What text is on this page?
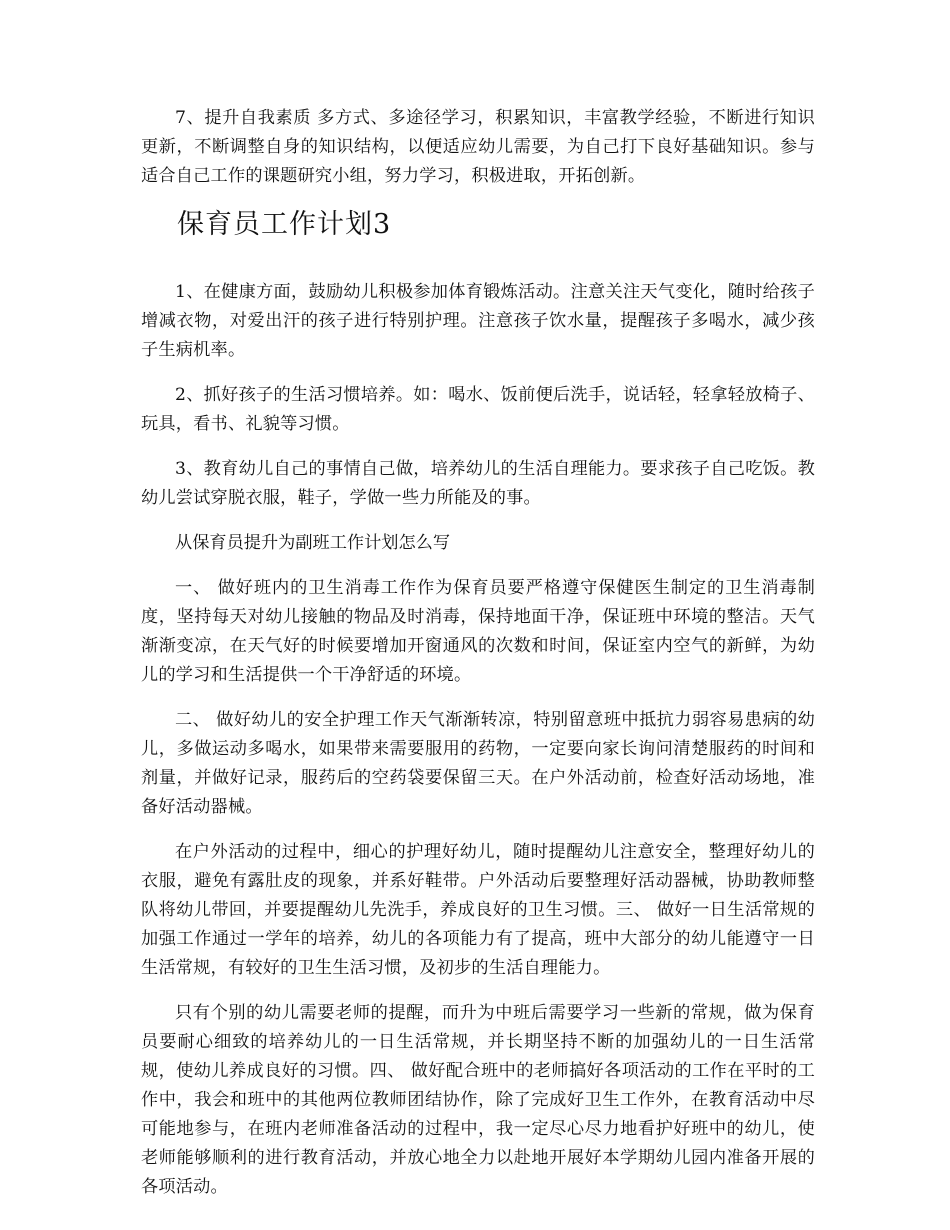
7、提升自我素质 多方式、多途径学习，积累知识，丰富教学经验，不断进行知识更新，不断调整自身的知识结构，以便适应幼儿需要，为自己打下良好基础知识。参与适合自己工作的课题研究小组，努力学习，积极进取，开拓创新。

保育员工作计划3

1、在健康方面，鼓励幼儿积极参加体育锻炼活动。注意关注天气变化，随时给孩子增减衣物，对爱出汗的孩子进行特别护理。注意孩子饮水量，提醒孩子多喝水，减少孩子生病机率。

2、抓好孩子的生活习惯培养。如：喝水、饭前便后洗手，说话轻，轻拿轻放椅子、玩具，看书、礼貌等习惯。

3、教育幼儿自己的事情自己做，培养幼儿的生活自理能力。要求孩子自己吃饭。教幼儿尝试穿脱衣服，鞋子，学做一些力所能及的事。

从保育员提升为副班工作计划怎么写

一、 做好班内的卫生消毒工作作为保育员要严格遵守保健医生制定的卫生消毒制度，坚持每天对幼儿接触的物品及时消毒，保持地面干净，保证班中环境的整洁。天气渐渐变凉，在天气好的时候要增加开窗通风的次数和时间，保证室内空气的新鲜，为幼儿的学习和生活提供一个干净舒适的环境。

二、 做好幼儿的安全护理工作天气渐渐转凉，特别留意班中抵抗力弱容易患病的幼儿，多做运动多喝水，如果带来需要服用的药物，一定要向家长询问清楚服药的时间和剂量，并做好记录，服药后的空药袋要保留三天。在户外活动前，检查好活动场地，准备好活动器械。

在户外活动的过程中，细心的护理好幼儿，随时提醒幼儿注意安全，整理好幼儿的衣服，避免有露肚皮的现象，并系好鞋带。户外活动后要整理好活动器械，协助教师整队将幼儿带回，并要提醒幼儿先洗手，养成良好的卫生习惯。三、 做好一日生活常规的加强工作通过一学年的培养，幼儿的各项能力有了提高，班中大部分的幼儿能遵守一日生活常规，有较好的卫生生活习惯，及初步的生活自理能力。

只有个别的幼儿需要老师的提醒，而升为中班后需要学习一些新的常规，做为保育员要耐心细致的培养幼儿的一日生活常规，并长期坚持不断的加强幼儿的一日生活常规，使幼儿养成良好的习惯。四、 做好配合班中的老师搞好各项活动的工作在平时的工作中，我会和班中的其他两位教师团结协作，除了完成好卫生工作外，在教育活动中尽可能地参与，在班内老师准备活动的过程中，我一定尽心尽力地看护好班中的幼儿，使老师能够顺利的进行教育活动，并放心地全力以赴地开展好本学期幼儿园内准备开展的各项活动。
